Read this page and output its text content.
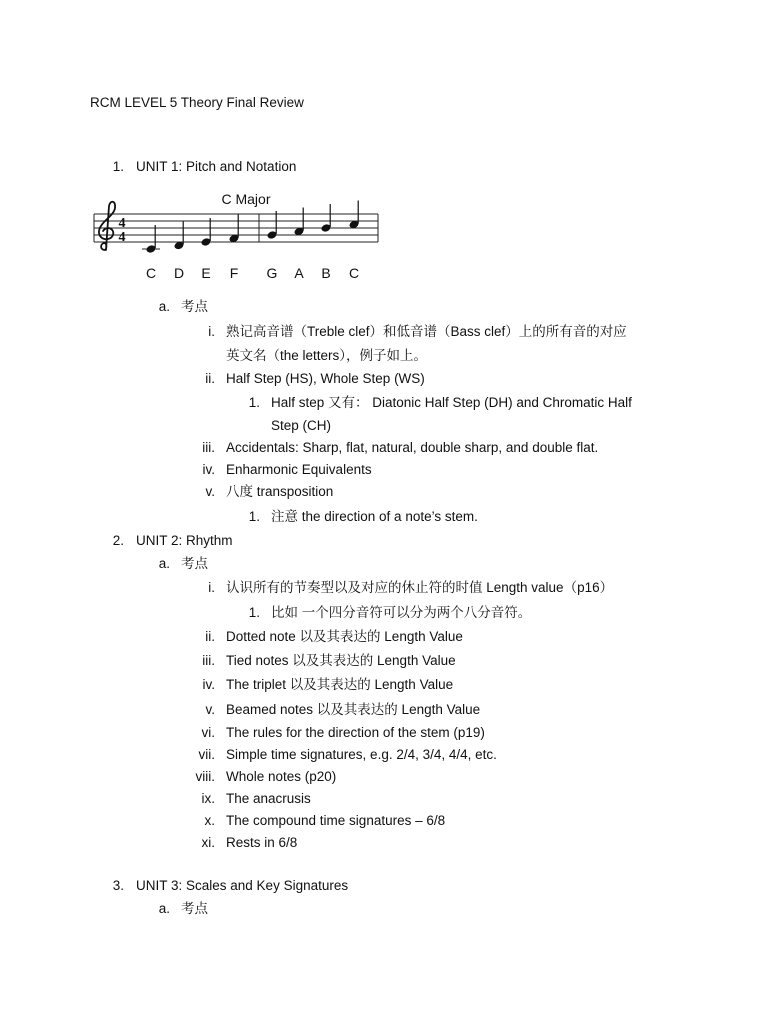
RCM LEVEL 5 Theory Final Review
1. UNIT 1: Pitch and Notation
C Major
4
4
C D E F G A B C
a. 考点
i. 熟记高音谱（Treble clef）和低音谱（Bass clef）上的所有音的对应
英文名（the letters），例子如上。
ii. Half Step (HS), Whole Step (WS)
1. Half step 又有： Diatonic Half Step (DH) and Chromatic Half
Step (CH)
iii. Accidentals: Sharp, flat, natural, double sharp, and double flat.
iv. Enharmonic Equivalents
v. 八度 transposition
1. 注意 the direction of a note’s stem.
2. UNIT 2: Rhythm
a. 考点
i. 认识所有的节奏型以及对应的休止符的时值 Length value（p16）
1. 比如 一个四分音符可以分为两个八分音符。
ii. Dotted note 以及其表达的 Length Value
iii. Tied notes 以及其表达的 Length Value
iv. The triplet 以及其表达的 Length Value
v. Beamed notes 以及其表达的 Length Value
vi. The rules for the direction of the stem (p19)
vii. Simple time signatures, e.g. 2/4, 3/4, 4/4, etc.
viii. Whole notes (p20)
ix. The anacrusis
x. The compound time signatures – 6/8
xi. Rests in 6/8
3. UNIT 3: Scales and Key Signatures
a. 考点
